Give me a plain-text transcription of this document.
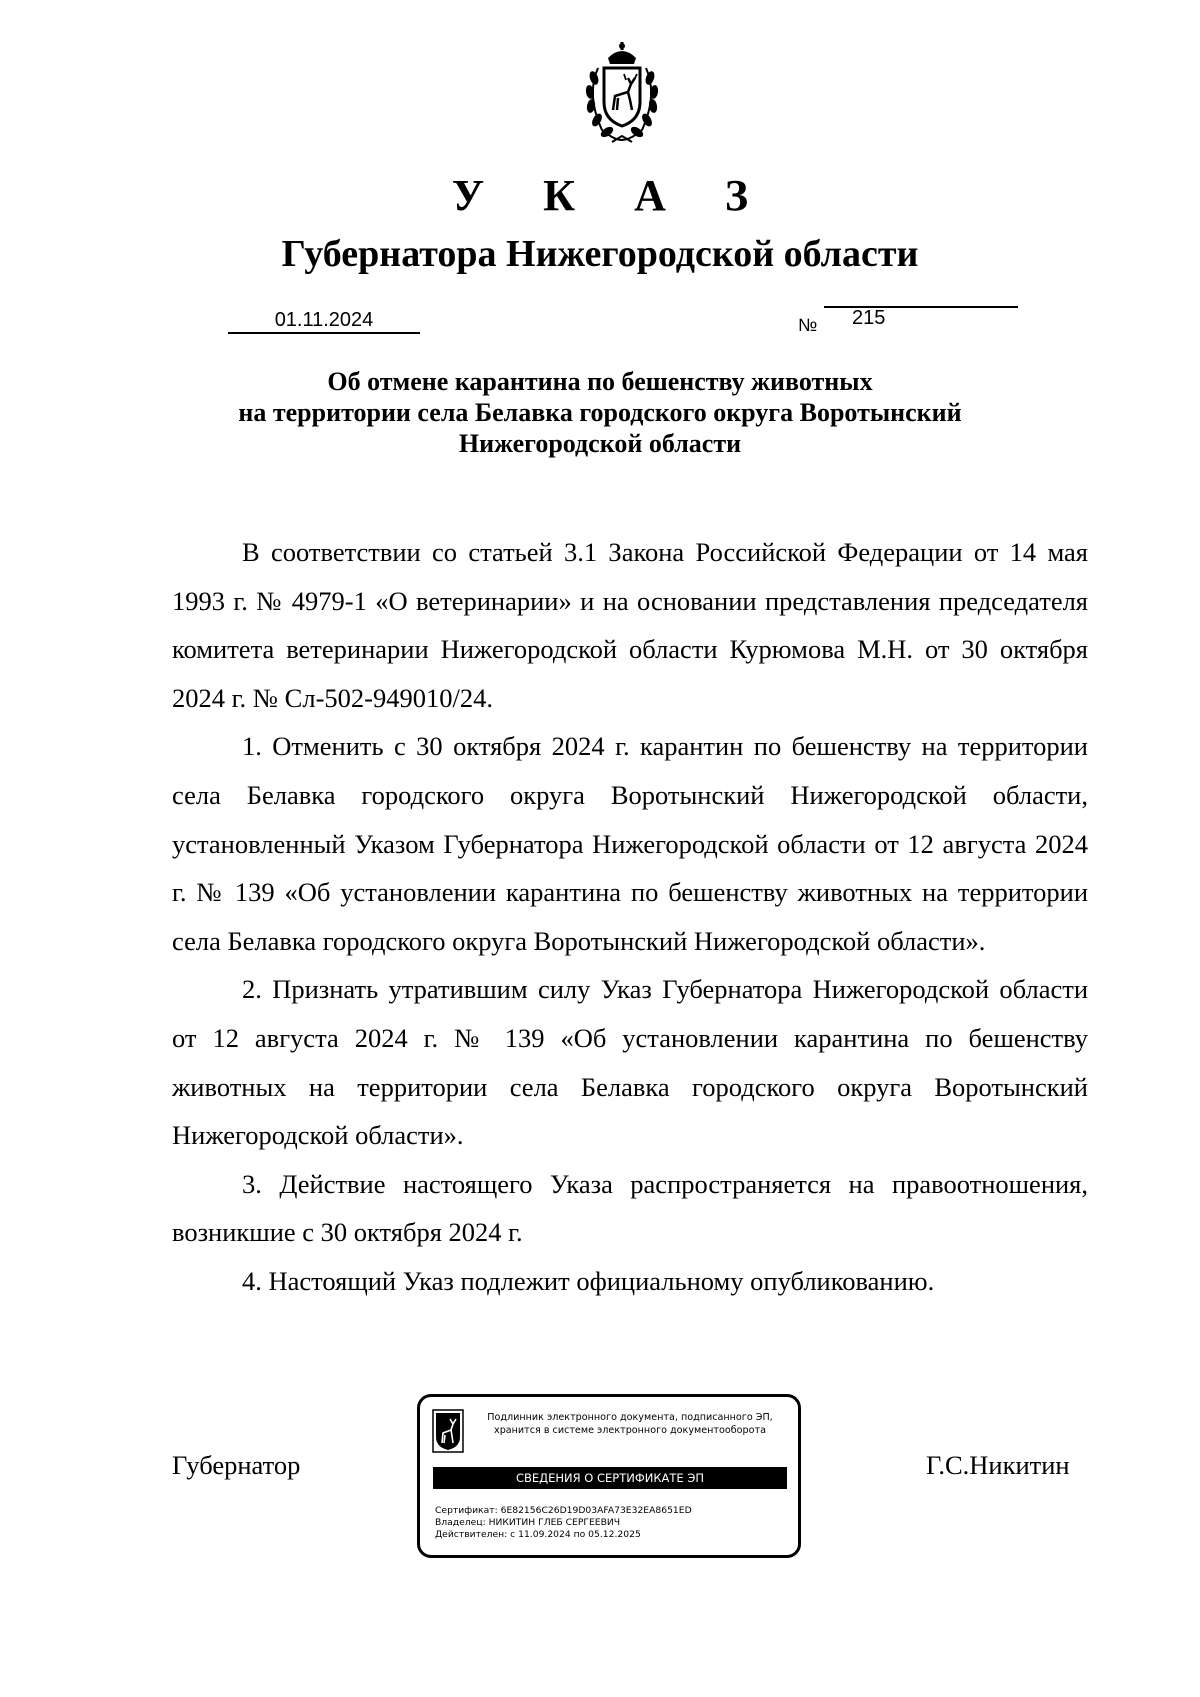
У К А З
Губернатора Нижегородской области
01.11.2024	№ 215
Об отмене карантина по бешенству животных
на территории села Белавка городского округа Воротынский
Нижегородской области

В соответствии со статьей 3.1 Закона Российской Федерации от 14 мая 1993 г. № 4979-1 «О ветеринарии» и на основании представления председателя комитета ветеринарии Нижегородской области Курюмова М.Н. от 30 октября 2024 г. № Сл-502-949010/24.

1. Отменить с 30 октября 2024 г. карантин по бешенству на территории села Белавка городского округа Воротынский Нижегородской области, установленный Указом Губернатора Нижегородской области от 12 августа 2024 г. № 139 «Об установлении карантина по бешенству животных на территории села Белавка городского округа Воротынский Нижегородской области».

2. Признать утратившим силу Указ Губернатора Нижегородской области от 12 августа 2024 г. № 139 «Об установлении карантина по бешенству животных на территории села Белавка городского округа Воротынский Нижегородской области».

3. Действие настоящего Указа распространяется на правоотношения, возникшие с 30 октября 2024 г.

4. Настоящий Указ подлежит официальному опубликованию.

Губернатор	Г.С.Никитин
Подлинник электронного документа, подписанного ЭП,
хранится в системе электронного документооборота
СВЕДЕНИЯ О СЕРТИФИКАТЕ ЭП
Сертификат: 6E82156C26D19D03AFA73E32EA8651ED
Владелец: НИКИТИН ГЛЕБ СЕРГЕЕВИЧ
Действителен: с 11.09.2024 по 05.12.2025
